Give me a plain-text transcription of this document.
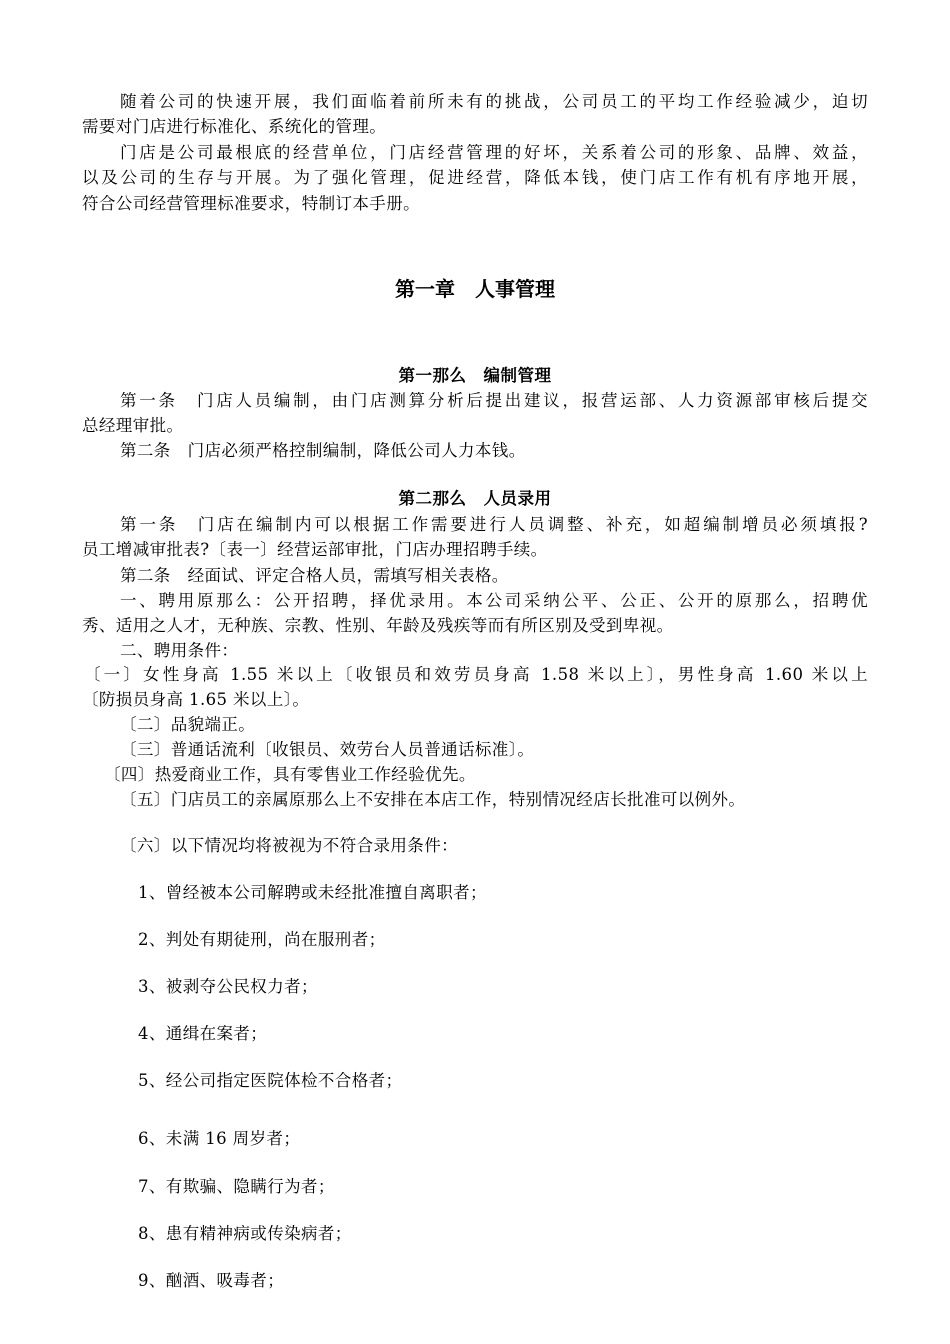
随着公司的快速开展，我们面临着前所未有的挑战，公司员工的平均工作经验减少，迫切

需要对门店进行标准化、系统化的管理。

门店是公司最根底的经营单位，门店经营管理的好坏，关系着公司的形象、品牌、效益，

以及公司的生存与开展。为了强化管理，促进经营，降低本钱，使门店工作有机有序地开展，

符合公司经营管理标准要求，特制订本手册。

第一章　人事管理
第一那么　编制管理

第一条　门店人员编制，由门店测算分析后提出建议，报营运部、人力资源部审核后提交

总经理审批。

第二条　门店必须严格控制编制，降低公司人力本钱。

第二那么　人员录用

第一条　门店在编制内可以根据工作需要进行人员调整、补充，如超编制增员必须填报?

员工增减审批表?〔表一〕经营运部审批，门店办理招聘手续。

第二条　经面试、评定合格人员，需填写相关表格。

一、聘用原那么：公开招聘，择优录用。本公司采纳公平、公正、公开的原那么，招聘优

秀、适用之人才，无种族、宗教、性别、年龄及残疾等而有所区别及受到卑视。

二、聘用条件：

〔一〕女性身高 1.55 米以上〔收银员和效劳员身高 1.58 米以上〕，男性身高 1.60 米以上

〔防损员身高 1.65 米以上〕。

〔二〕品貌端正。

〔三〕普通话流利〔收银员、效劳台人员普通话标准〕。

〔四〕热爱商业工作，具有零售业工作经验优先。

〔五〕门店员工的亲属原那么上不安排在本店工作，特别情况经店长批准可以例外。

〔六〕以下情况均将被视为不符合录用条件：

1、曾经被本公司解聘或未经批准擅自离职者；

2、判处有期徒刑，尚在服刑者；

3、被剥夺公民权力者；

4、通缉在案者；

5、经公司指定医院体检不合格者；

6、未满 16 周岁者；

7、有欺骗、隐瞒行为者；

8、患有精神病或传染病者；

9、酗酒、吸毒者；
